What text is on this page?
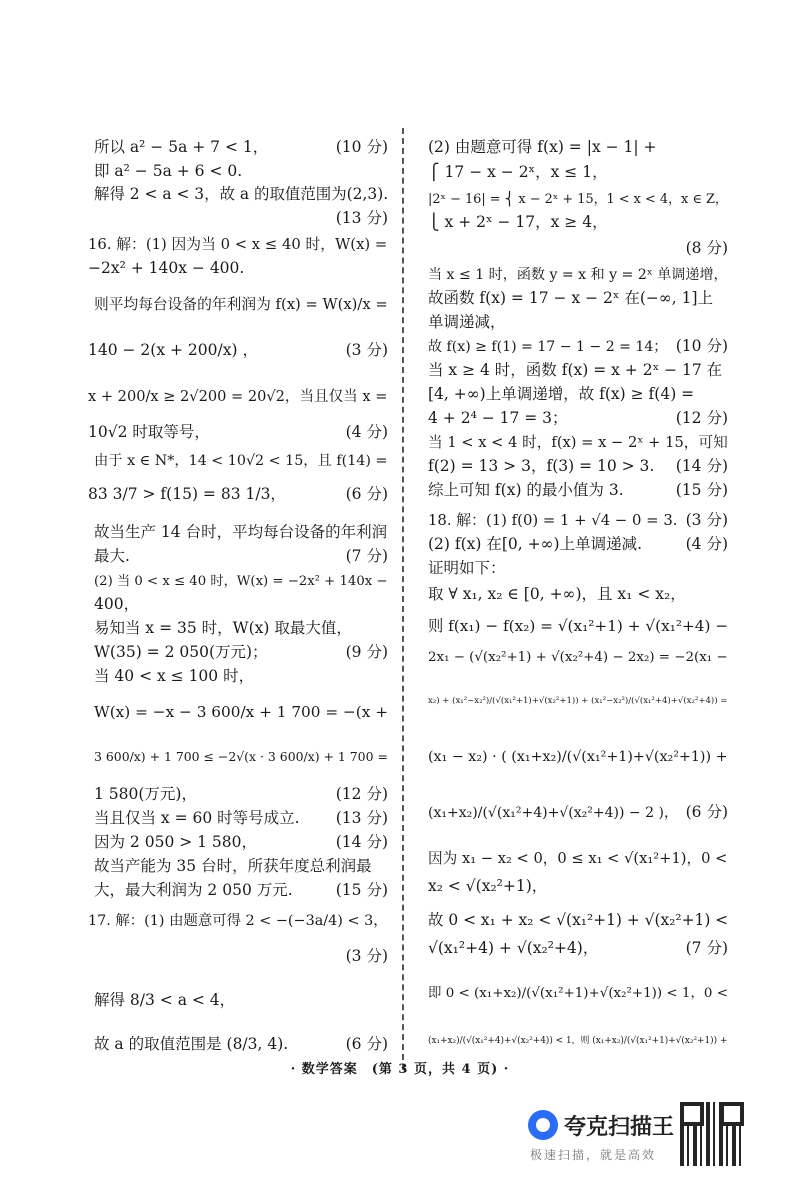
所以 a² − 5a + 7 < 1，	(10 分)
即 a² − 5a + 6 < 0.
解得 2 < a < 3，故 a 的取值范围为(2,3).
(13 分)
16. 解：(1) 因为当 0 < x ≤ 40 时，W(x) =
−2x² + 140x − 400.
则平均每台设备的年利润为 f(x) = W(x)/x =
140 − 2(x + 200/x) ，	(3 分)
x + 200/x ≥ 2√200 = 20√2，当且仅当 x =
10√2 时取等号，	(4 分)
由于 x ∈ N*，14 < 10√2 < 15，且 f(14) =
83 3/7 > f(15) = 83 1/3，	(6 分)
故当生产 14 台时，平均每台设备的年利润
最大.	(7 分)
(2) 当 0 < x ≤ 40 时，W(x) = −2x² + 140x −
400，
易知当 x = 35 时，W(x) 取最大值，
W(35) = 2 050(万元)；	(9 分)
当 40 < x ≤ 100 时，
W(x) = −x − 3 600/x + 1 700 = −(x +
3 600/x) + 1 700 ≤ −2√(x · 3 600/x) + 1 700 =
1 580(万元)，	(12 分)
当且仅当 x = 60 时等号成立. (13 分)
因为 2 050 > 1 580，	(14 分)
故当产能为 35 台时，所获年度总利润最
大，最大利润为 2 050 万元.	(15 分)
17. 解：(1) 由题意可得 2 < −(−3a/4) < 3，
(3 分)
解得 8/3 < a < 4，
故 a 的取值范围是 (8/3, 4).	(6 分)
(2) 由题意可得 f(x) = |x − 1| +
⎧ 17 − x − 2ˣ，x ≤ 1，
|2ˣ − 16| = ⎨ x − 2ˣ + 15，1 < x < 4，x ∈ Z，
⎩ x + 2ˣ − 17，x ≥ 4，
(8 分)
当 x ≤ 1 时，函数 y = x 和 y = 2ˣ 单调递增，
故函数 f(x) = 17 − x − 2ˣ 在(−∞, 1]上
单调递减，
故 f(x) ≥ f(1) = 17 − 1 − 2 = 14； (10 分)
当 x ≥ 4 时，函数 f(x) = x + 2ˣ − 17 在
[4, +∞)上单调递增，故 f(x) ≥ f(4) =
4 + 2⁴ − 17 = 3；	(12 分)
当 1 < x < 4 时，f(x) = x − 2ˣ + 15，可知
f(2) = 13 > 3，f(3) = 10 > 3. (14 分)
综上可知 f(x) 的最小值为 3.	(15 分)
18. 解：(1) f(0) = 1 + √4 − 0 = 3. (3 分)
(2) f(x) 在[0, +∞)上单调递减.	(4 分)
证明如下：
取 ∀ x₁, x₂ ∈ [0, +∞)，且 x₁ < x₂，
则 f(x₁) − f(x₂) = √(x₁²+1) + √(x₁²+4) −
2x₁ − (√(x₂²+1) + √(x₂²+4) − 2x₂) = −2(x₁ −
x₂) + (x₁²−x₂²)/(√(x₁²+1)+√(x₂²+1)) + (x₁²−x₂²)/(√(x₁²+4)+√(x₂²+4)) =
(x₁ − x₂) · ( (x₁+x₂)/(√(x₁²+1)+√(x₂²+1)) +
(x₁+x₂)/(√(x₁²+4)+√(x₂²+4)) − 2 )， (6 分)
因为 x₁ − x₂ < 0，0 ≤ x₁ < √(x₁²+1)，0 <
x₂ < √(x₂²+1)，
故 0 < x₁ + x₂ < √(x₁²+1) + √(x₂²+1) <
√(x₁²+4) + √(x₂²+4)，	(7 分)
即 0 < (x₁+x₂)/(√(x₁²+1)+√(x₂²+1)) < 1，0 <
(x₁+x₂)/(√(x₁²+4)+√(x₂²+4)) < 1，则 (x₁+x₂)/(√(x₁²+1)+√(x₂²+1)) +
· 数学答案　(第 3 页，共 4 页) ·
夸克扫描王
极速扫描，就是高效
